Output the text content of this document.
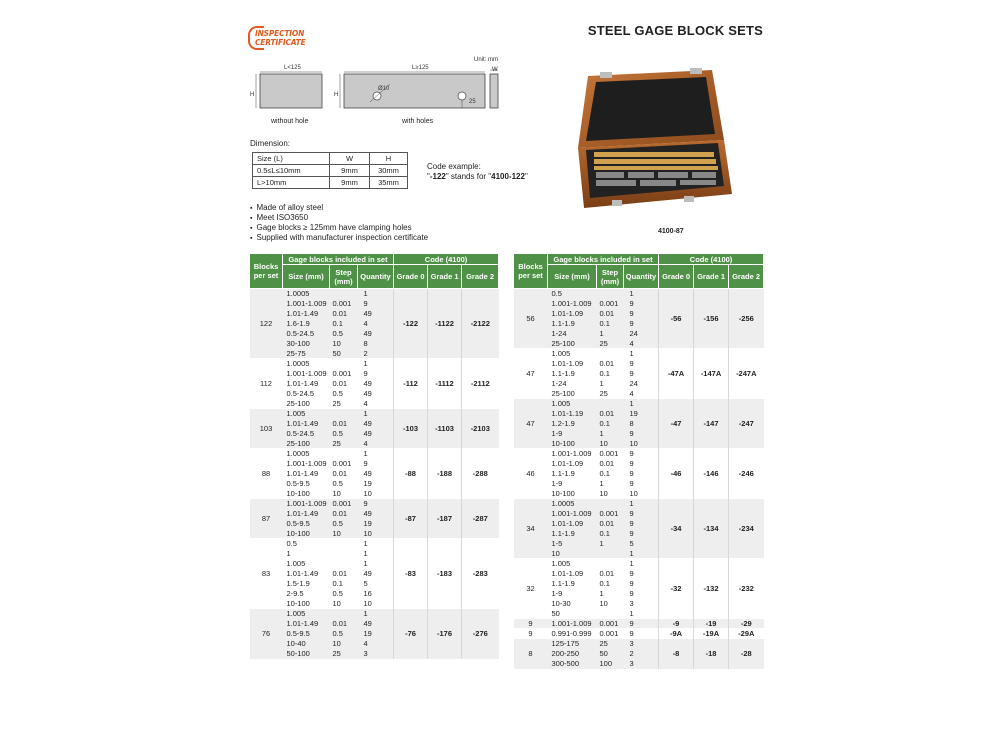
INSPECTION
CERTIFICATE
STEEL GAGE BLOCK SETS
Unit: mm
W
L<125	L≥125
H	H
Ø10
25
without hole	with holes
Dimension:
Size (L)	W	H
0.5≤L≤10mm	9mm	30mm
L>10mm	9mm	35mm
Code example:
"-122" stands for "4100-122"
▪ Made of alloy steel
▪ Meet ISO3650
▪ Gage blocks ≥ 125mm have clamping holes
▪ Supplied with manufacturer inspection certificate
4100-87
Blocks per set	Gage blocks included in set			Code (4100)		
	Size (mm)	Step (mm)	Quantity	Grade 0	Grade 1	Grade 2
122	1.0005		1	-122	-1122	-2122
	1.001-1.009	0.001	9			
	1.01-1.49	0.01	49			
	1.6-1.9	0.1	4			
	0.5-24.5	0.5	49			
	30-100	10	8			
	25-75	50	2			
112	1.0005		1	-112	-1112	-2112
	1.001-1.009	0.001	9			
	1.01-1.49	0.01	49			
	0.5-24.5	0.5	49			
	25-100	25	4			
103	1.005		1	-103	-1103	-2103
	1.01-1.49	0.01	49			
	0.5-24.5	0.5	49			
	25-100	25	4			
88	1.0005		1	-88	-188	-288
	1.001-1.009	0.001	9			
	1.01-1.49	0.01	49			
	0.5-9.5	0.5	19			
	10-100	10	10			
87	1.001-1.009	0.001	9	-87	-187	-287
	1.01-1.49	0.01	49			
	0.5-9.5	0.5	19			
	10-100	10	10			
83	0.5		1	-83	-183	-283
	1		1			
	1.005		1			
	1.01-1.49	0.01	49			
	1.5-1.9	0.1	5			
	2-9.5	0.5	16			
	10-100	10	10			
76	1.005		1	-76	-176	-276
	1.01-1.49	0.01	49			
	0.5-9.5	0.5	19			
	10-40	10	4			
	50-100	25	3			
Blocks per set	Gage blocks included in set			Code (4100)		
	Size (mm)	Step (mm)	Quantity	Grade 0	Grade 1	Grade 2
56	0.5		1	-56	-156	-256
	1.001-1.009	0.001	9			
	1.01-1.09	0.01	9			
	1.1-1.9	0.1	9			
	1-24	1	24			
	25-100	25	4			
47	1.005		1	-47A	-147A	-247A
	1.01-1.09	0.01	9			
	1.1-1.9	0.1	9			
	1-24	1	24			
	25-100	25	4			
47	1.005		1	-47	-147	-247
	1.01-1.19	0.01	19			
	1.2-1.9	0.1	8			
	1-9	1	9			
	10-100	10	10			
46	1.001-1.009	0.001	9	-46	-146	-246
	1.01-1.09	0.01	9			
	1.1-1.9	0.1	9			
	1-9	1	9			
	10-100	10	10			
34	1.0005		1	-34	-134	-234
	1.001-1.009	0.001	9			
	1.01-1.09	0.01	9			
	1.1-1.9	0.1	9			
	1-5	1	5			
	10		1			
32	1.005		1	-32	-132	-232
	1.01-1.09	0.01	9			
	1.1-1.9	0.1	9			
	1-9	1	9			
	10-30	10	3			
	50		1			
9	1.001-1.009	0.001	9	-9	-19	-29
9	0.991-0.999	0.001	9	-9A	-19A	-29A
8	125-175	25	3	-8	-18	-28
	200-250	50	2			
	300-500	100	3			
